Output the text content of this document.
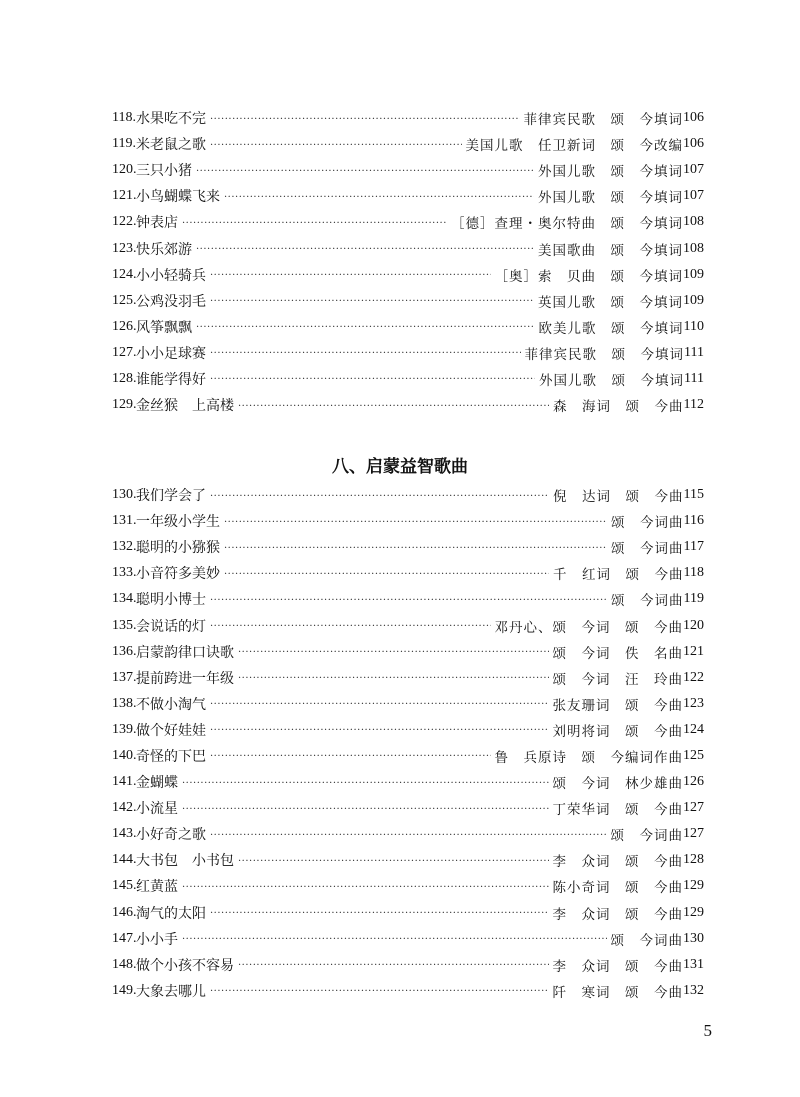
118. 水果吃不完 ·····	菲律宾民歌　颂　今填词 106
119. 米老鼠之歌 ·····	美国儿歌　任卫新词　颂　今改编 106
120. 三只小猪 ·····	外国儿歌　颂　今填词 107
121. 小鸟蝴蝶飞来 ·····	外国儿歌　颂　今填词 107
122. 钟表店 ·····	［德］查理・奥尔特曲　颂　今填词 108
123. 快乐郊游 ·····	美国歌曲　颂　今填词 108
124. 小小轻骑兵 ·····	［奥］索　贝曲　颂　今填词 109
125. 公鸡没羽毛 ·····	英国儿歌　颂　今填词 109
126. 风筝飘飘 ·····	欧美儿歌　颂　今填词 110
127. 小小足球赛 ·····	菲律宾民歌　颂　今填词 111
128. 谁能学得好 ·····	外国儿歌　颂　今填词 111
129. 金丝猴　上高楼 ·····	森　海词　颂　今曲 112
八、启蒙益智歌曲
130. 我们学会了 ·····	倪　达词　颂　今曲 115
131. 一年级小学生 ·····	颂　今词曲 116
132. 聪明的小猕猴 ·····	颂　今词曲 117
133. 小音符多美妙 ·····	千　红词　颂　今曲 118
134. 聪明小博士 ·····	颂　今词曲 119
135. 会说话的灯 ·····	邓丹心、颂　今词　颂　今曲 120
136. 启蒙韵律口诀歌 ·····	颂　今词　佚　名曲 121
137. 提前跨进一年级 ·····	颂　今词　汪　玲曲 122
138. 不做小淘气 ·····	张友珊词　颂　今曲 123
139. 做个好娃娃 ·····	刘明将词　颂　今曲 124
140. 奇怪的下巴 ·····	鲁　兵原诗　颂　今编词作曲 125
141. 金蝴蝶 ·····	颂　今词　林少雄曲 126
142. 小流星 ·····	丁荣华词　颂　今曲 127
143. 小好奇之歌 ·····	颂　今词曲 127
144. 大书包　小书包 ·····	李　众词　颂　今曲 128
145. 红黄蓝 ·····	陈小奇词　颂　今曲 129
146. 淘气的太阳 ·····	李　众词　颂　今曲 129
147. 小小手 ·····	颂　今词曲 130
148. 做个小孩不容易 ·····	李　众词　颂　今曲 131
149. 大象去哪儿 ·····	阡　寒词　颂　今曲 132
5
